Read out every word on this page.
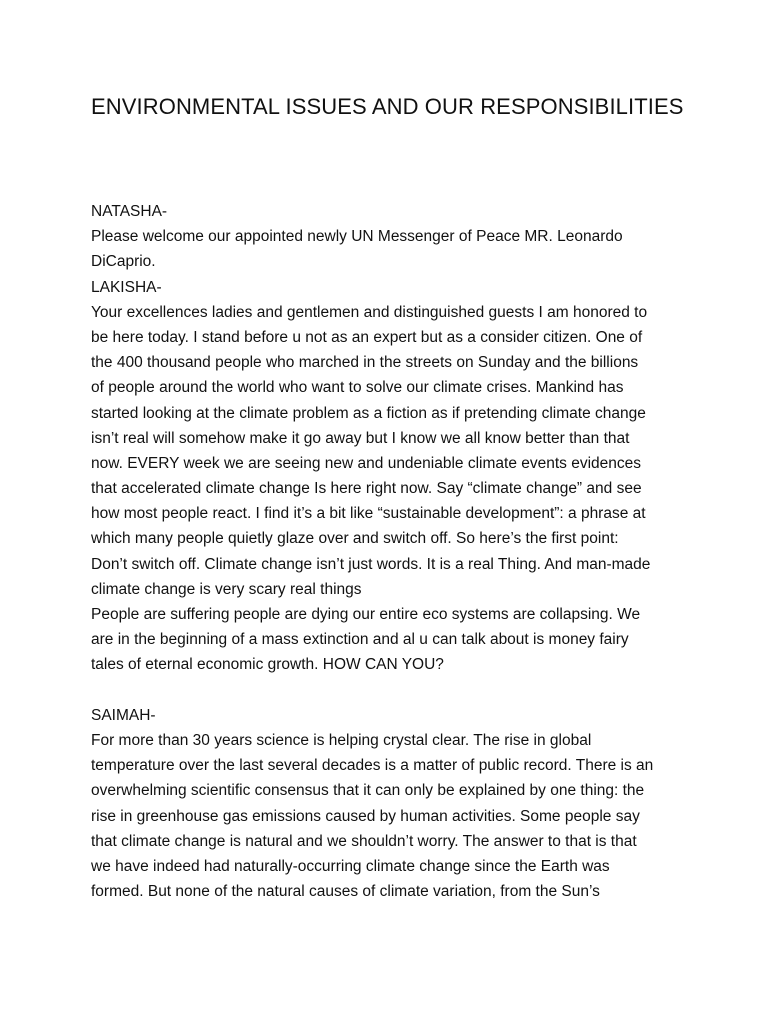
ENVIRONMENTAL ISSUES AND OUR RESPONSIBILITIES
NATASHA-
Please welcome our appointed newly UN Messenger of Peace MR. Leonardo
DiCaprio.
LAKISHA-
Your excellences ladies and gentlemen and distinguished guests I am honored to
be here today. I stand before u not as an expert but as a consider citizen. One of
the 400 thousand people who marched in the streets on Sunday and the billions
of people around the world who want to solve our climate crises. Mankind has
started looking at the climate problem as a fiction as if pretending climate change
isn’t real will somehow make it go away but I know we all know better than that
now. EVERY week we are seeing new and undeniable climate events evidences
that accelerated climate change Is here right now. Say “climate change” and see
how most people react. I find it’s a bit like “sustainable development”: a phrase at
which many people quietly glaze over and switch off. So here’s the first point:
Don’t switch off. Climate change isn’t just words. It is a real Thing. And man-made
climate change is very scary real things
People are suffering people are dying our entire eco systems are collapsing. We
are in the beginning of a mass extinction and al u can talk about is money fairy
tales of eternal economic growth. HOW CAN YOU?
SAIMAH-
For more than 30 years science is helping crystal clear. The rise in global
temperature over the last several decades is a matter of public record. There is an
overwhelming scientific consensus that it can only be explained by one thing: the
rise in greenhouse gas emissions caused by human activities. Some people say
that climate change is natural and we shouldn’t worry. The answer to that is that
we have indeed had naturally-occurring climate change since the Earth was
formed. But none of the natural causes of climate variation, from the Sun’s
